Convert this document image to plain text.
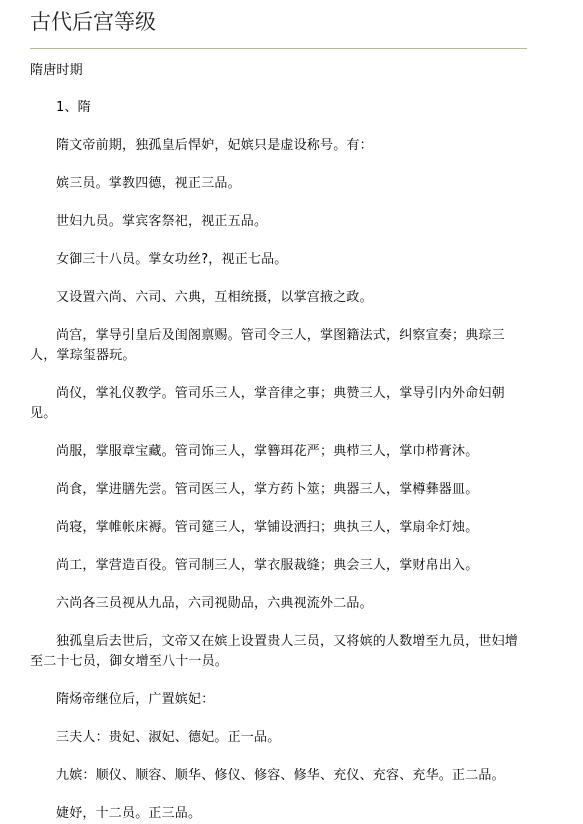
古代后宫等级

隋唐时期

1、隋

隋文帝前期，独孤皇后悍妒，妃嫔只是虚设称号。有：

嫔三员。掌教四德，视正三品。

世妇九员。掌宾客祭祀，视正五品。

女御三十八员。掌女功丝?，视正七品。

又设置六尚、六司、六典，互相统摄，以掌宫掖之政。

尚宫，掌导引皇后及闺阁禀赐。管司令三人，掌图籍法式，纠察宣奏；典琮三人，掌琮玺器玩。

尚仪，掌礼仪教学。管司乐三人，掌音律之事；典赞三人，掌导引内外命妇朝见。

尚服，掌服章宝藏。管司饰三人，掌簪珥花严；典栉三人，掌巾栉膏沐。

尚食，掌进膳先尝。管司医三人，掌方药卜筮；典器三人，掌樽彝器皿。

尚寝，掌帷帐床褥。管司筵三人，掌铺设洒扫；典执三人，掌扇伞灯烛。

尚工，掌营造百役。管司制三人，掌衣服裁缝；典会三人，掌财帛出入。

六尚各三员视从九品，六司视勋品，六典视流外二品。

独孤皇后去世后，文帝又在嫔上设置贵人三员，又将嫔的人数增至九员，世妇增至二十七员，御女增至八十一员。

隋炀帝继位后，广置嫔妃：

三夫人：贵妃、淑妃、德妃。正一品。

九嫔：顺仪、顺容、顺华、修仪、修容、修华、充仪、充容、充华。正二品。

婕妤，十二员。正三品。
